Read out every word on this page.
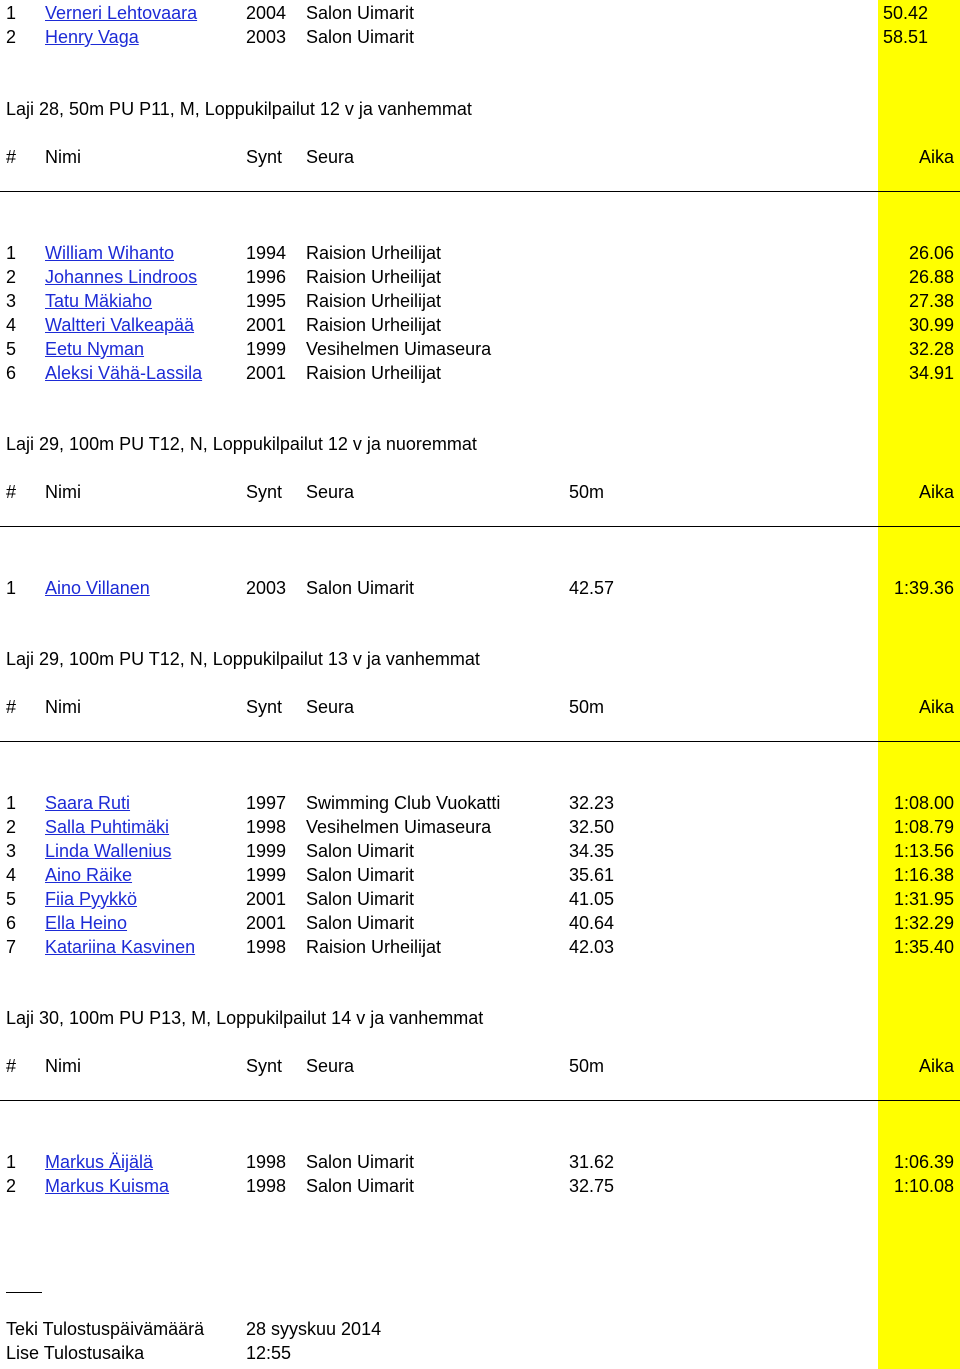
1 Verneri Lehtovaara	2004 Salon Uimarit	50.42
2 Henry Vaga	2003 Salon Uimarit	58.51
Laji 28, 50m PU P11, M, Loppukilpailut 12 v ja vanhemmat
# Nimi	Synt Seura	Aika
1 William Wihanto	1994 Raision Urheilijat	26.06
2 Johannes Lindroos	1996 Raision Urheilijat	26.88
3 Tatu Mäkiaho	1995 Raision Urheilijat	27.38
4 Waltteri Valkeapää	2001 Raision Urheilijat	30.99
5 Eetu Nyman	1999 Vesihelmen Uimaseura	32.28
6 Aleksi Vähä-Lassila 2001 Raision Urheilijat	34.91
Laji 29, 100m PU T12, N, Loppukilpailut 12 v ja nuoremmat
# Nimi	Synt Seura	50m	Aika
1 Aino Villanen	2003 Salon Uimarit	42.57	1:39.36
Laji 29, 100m PU T12, N, Loppukilpailut 13 v ja vanhemmat
# Nimi	Synt Seura	50m	Aika
1 Saara Ruti	1997 Swimming Club Vuokatti	32.23	1:08.00
2 Salla Puhtimäki	1998 Vesihelmen Uimaseura	32.50	1:08.79
3 Linda Wallenius	1999 Salon Uimarit	34.35	1:13.56
4 Aino Räike	1999 Salon Uimarit	35.61	1:16.38
5 Fiia Pyykkö	2001 Salon Uimarit	41.05	1:31.95
6 Ella Heino	2001 Salon Uimarit	40.64	1:32.29
7 Katariina Kasvinen	1998 Raision Urheilijat	42.03	1:35.40
Laji 30, 100m PU P13, M, Loppukilpailut 14 v ja vanhemmat
# Nimi	Synt Seura	50m	Aika
1 Markus Äijälä	1998 Salon Uimarit	31.62	1:06.39
2 Markus Kuisma	1998 Salon Uimarit	32.75	1:10.08
Teki Tulostuspäivämäärä 28 syyskuu 2014
Lise Tulostusaika	12:55
